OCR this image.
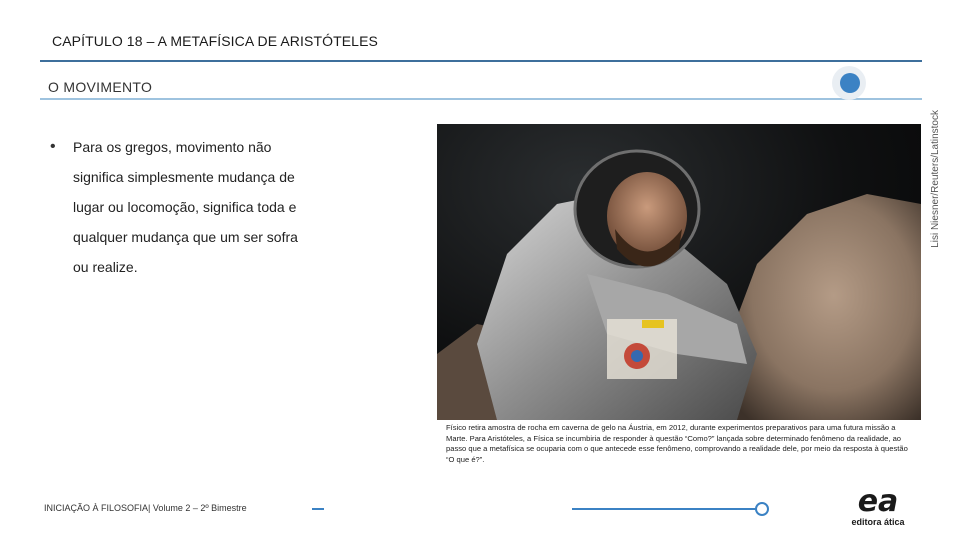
CAPÍTULO 18 – A METAFÍSICA DE ARISTÓTELES
O MOVIMENTO
Lisi Niesner/Reuters/Latinstock
• Para os gregos, movimento não
significa simplesmente mudança de
lugar ou locomoção, significa toda e
qualquer mudança que um ser sofra
ou realize.
Físico retira amostra de rocha em caverna de gelo na Áustria, em 2012, durante experimentos preparativos para uma futura missão a Marte. Para Aristóteles, a Física se incumbiria de responder à questão “Como?” lançada sobre determinado fenômeno da realidade, ao passo que a metafísica se ocuparia com o que antecede esse fenômeno, comprovando a realidade dele, por meio da resposta à questão “O que é?”.
INICIAÇÃO À FILOSOFIA| Volume 2 – 2º Bimestre	ea
editora ática
